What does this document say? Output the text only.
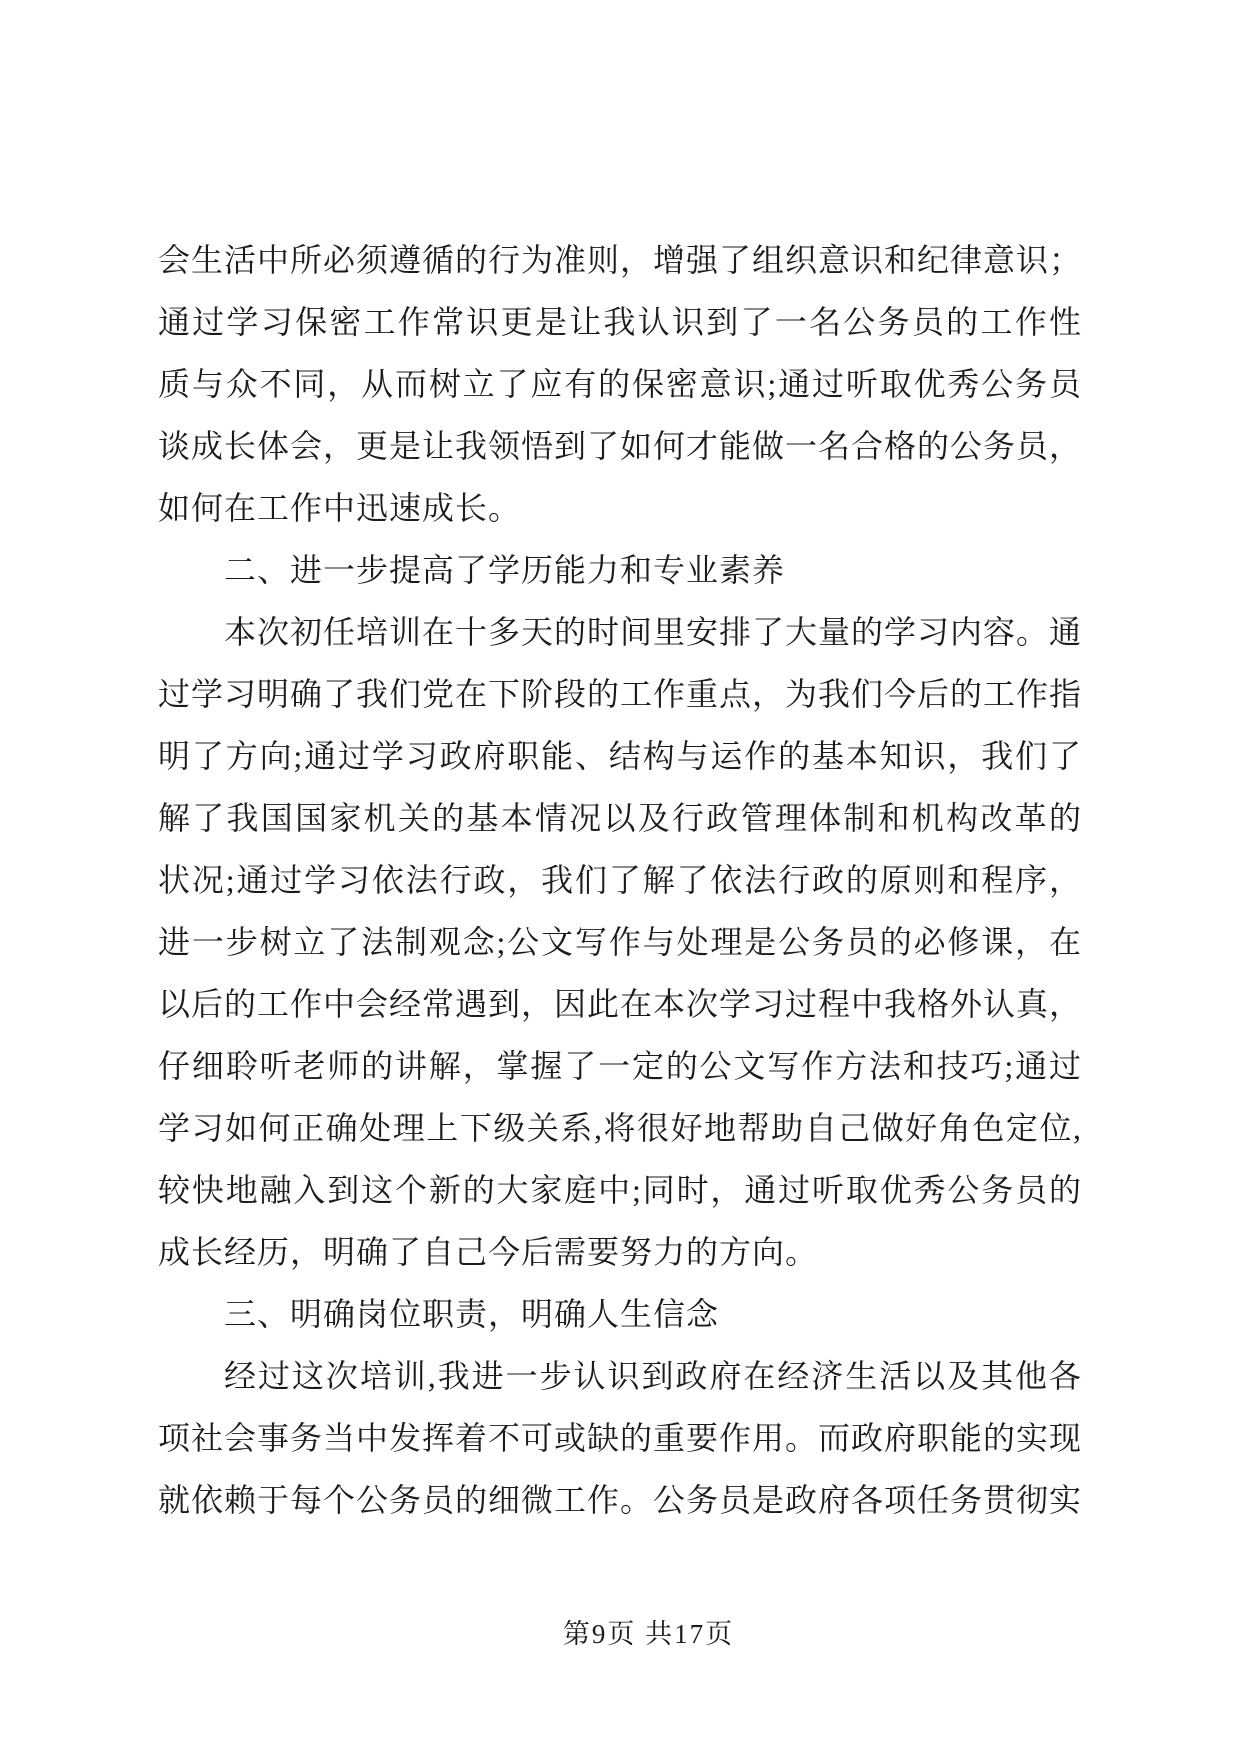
会生活中所必须遵循的行为准则，增强了组织意识和纪律意识；
通过学习保密工作常识更是让我认识到了一名公务员的工作性
质与众不同，从而树立了应有的保密意识;通过听取优秀公务员
谈成长体会，更是让我领悟到了如何才能做一名合格的公务员，
如何在工作中迅速成长。
二、进一步提高了学历能力和专业素养
本次初任培训在十多天的时间里安排了大量的学习内容。通
过学习明确了我们党在下阶段的工作重点，为我们今后的工作指
明了方向;通过学习政府职能、结构与运作的基本知识，我们了
解了我国国家机关的基本情况以及行政管理体制和机构改革的
状况;通过学习依法行政，我们了解了依法行政的原则和程序，
进一步树立了法制观念;公文写作与处理是公务员的必修课，在
以后的工作中会经常遇到，因此在本次学习过程中我格外认真，
仔细聆听老师的讲解，掌握了一定的公文写作方法和技巧;通过
学习如何正确处理上下级关系,将很好地帮助自己做好角色定位,
较快地融入到这个新的大家庭中;同时，通过听取优秀公务员的
成长经历，明确了自己今后需要努力的方向。
三、明确岗位职责，明确人生信念
经过这次培训,我进一步认识到政府在经济生活以及其他各
项社会事务当中发挥着不可或缺的重要作用。而政府职能的实现
就依赖于每个公务员的细微工作。公务员是政府各项任务贯彻实
第9页 共17页
